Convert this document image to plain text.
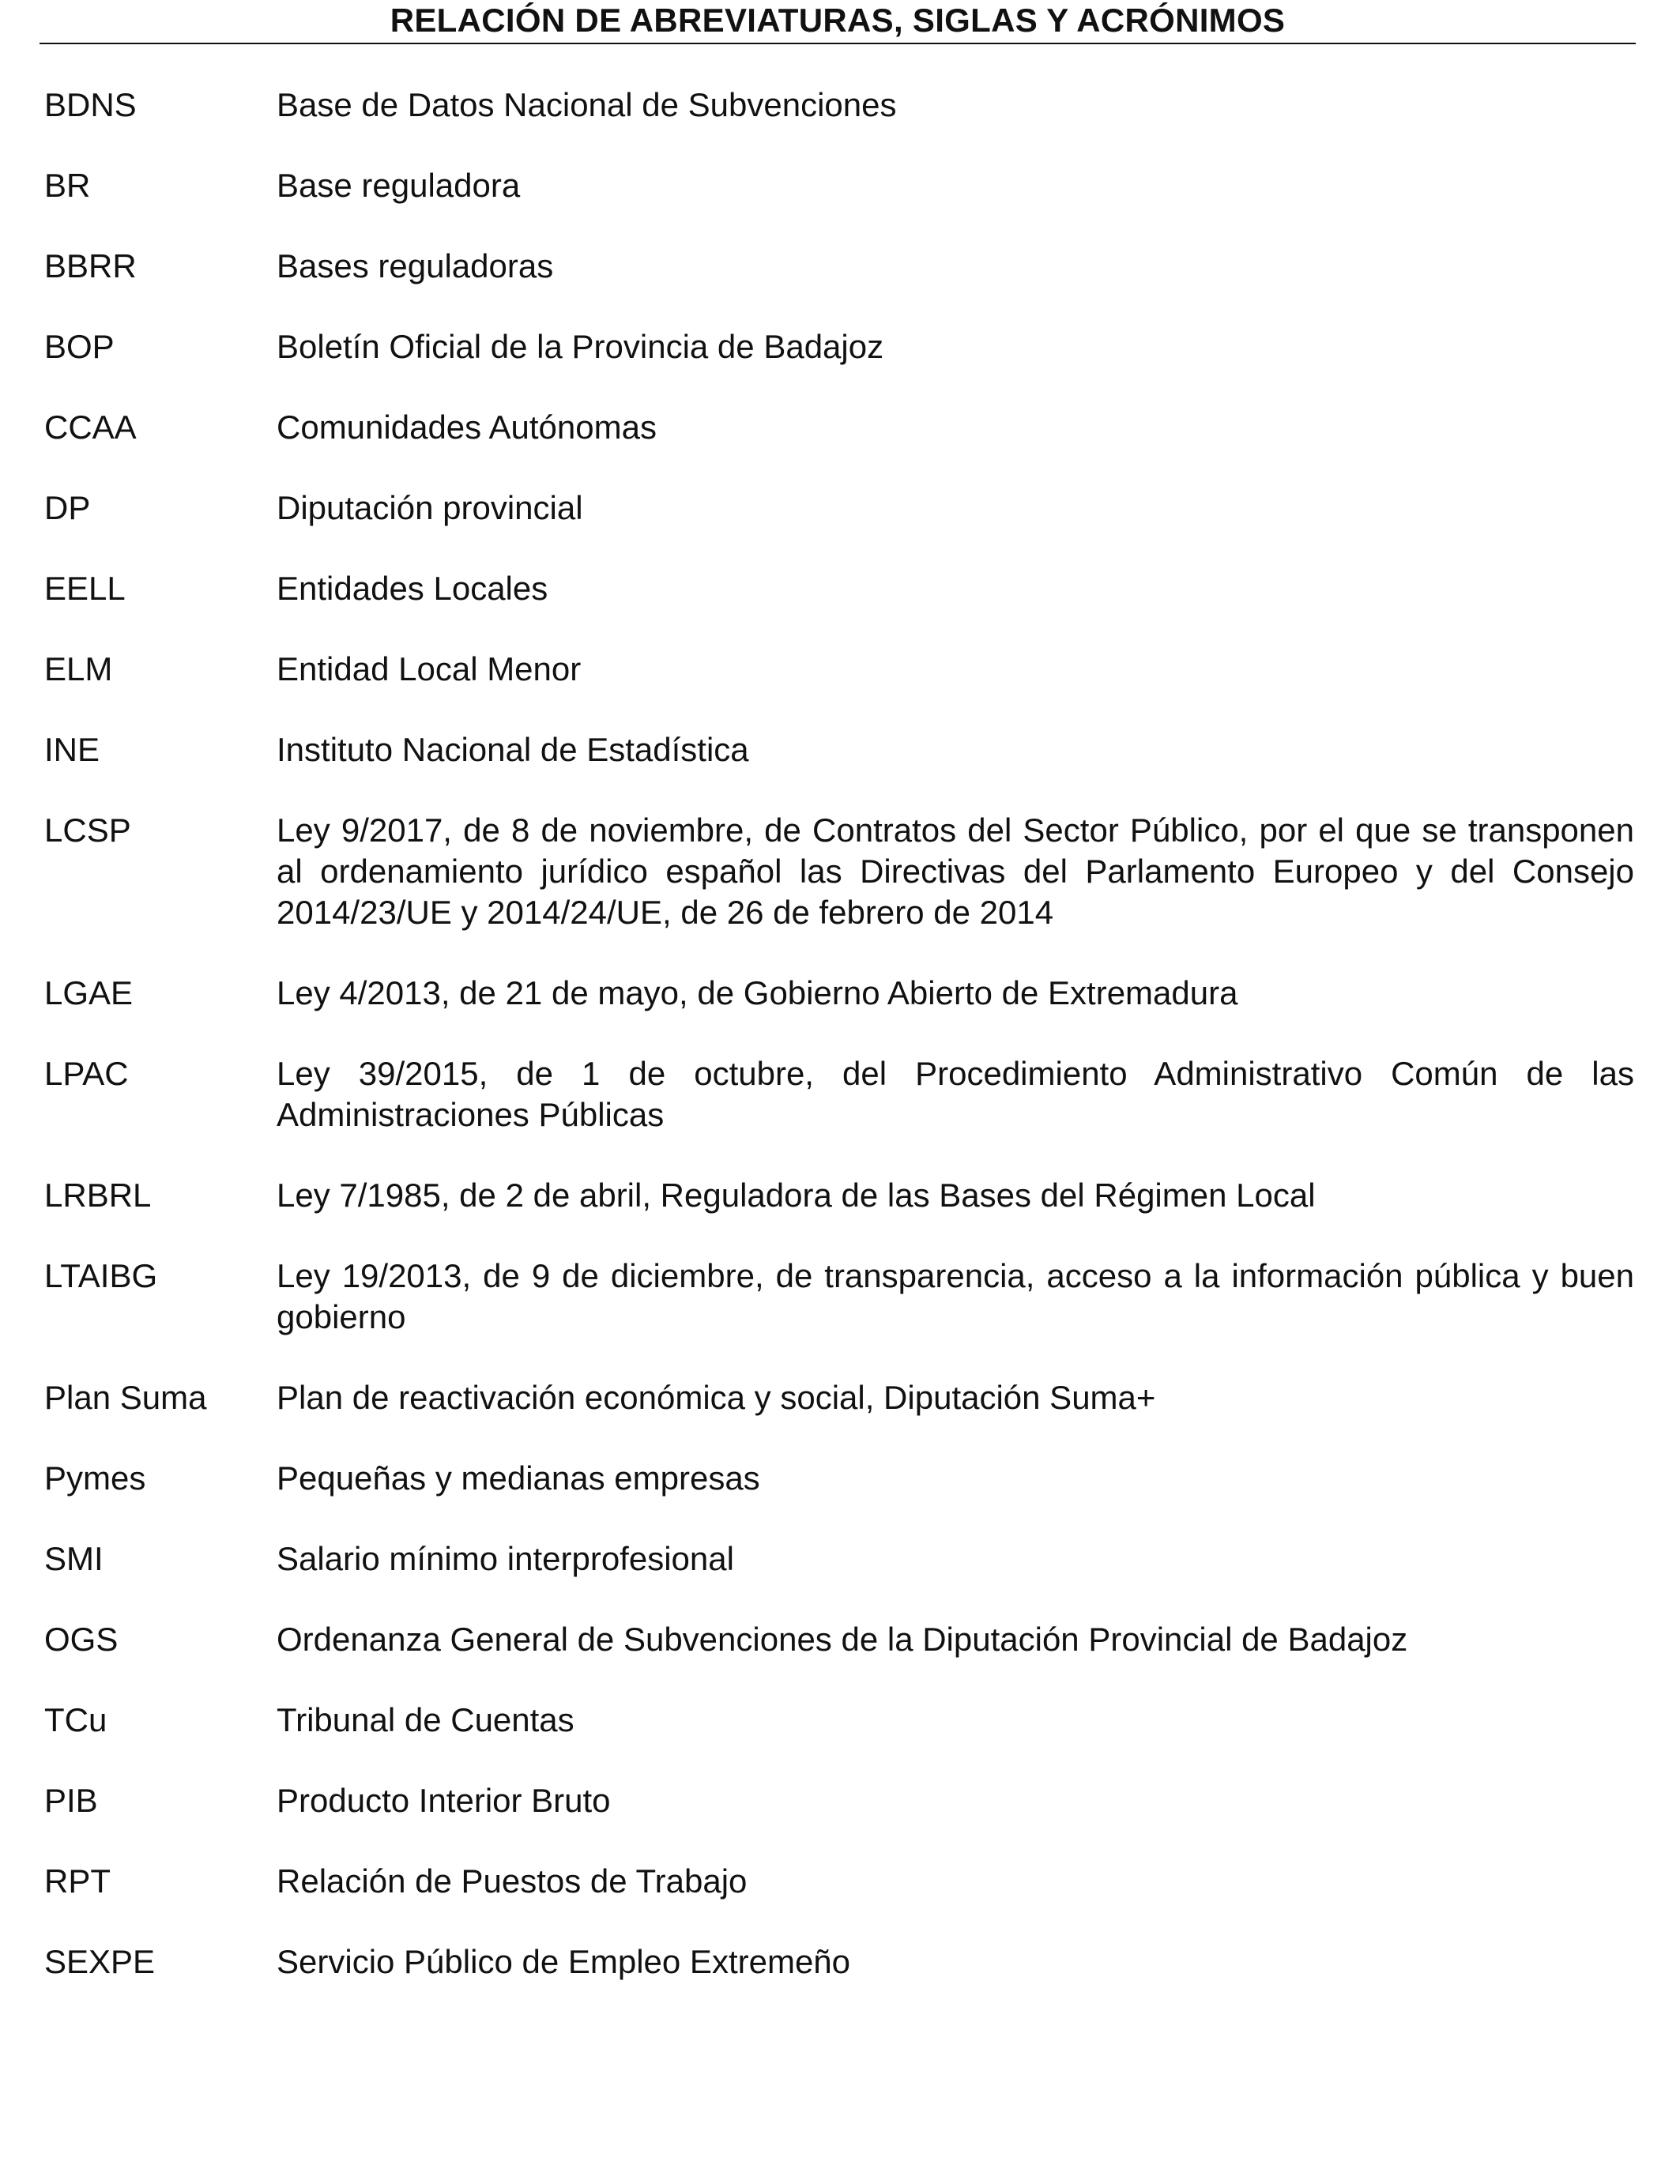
RELACIÓN DE ABREVIATURAS, SIGLAS Y ACRÓNIMOS
BDNS	Base de Datos Nacional de Subvenciones
BR	Base reguladora
BBRR	Bases reguladoras
BOP	Boletín Oficial de la Provincia de Badajoz
CCAA	Comunidades Autónomas
DP	Diputación provincial
EELL	Entidades Locales
ELM	Entidad Local Menor
INE	Instituto Nacional de Estadística
LCSP	Ley 9/2017, de 8 de noviembre, de Contratos del Sector Público, por el que se transponen al ordenamiento jurídico español las Directivas del Parlamento Europeo y del Consejo 2014/23/UE y 2014/24/UE, de 26 de febrero de 2014
LGAE	Ley 4/2013, de 21 de mayo, de Gobierno Abierto de Extremadura
LPAC	Ley 39/2015, de 1 de octubre, del Procedimiento Administrativo Común de las Administraciones Públicas
LRBRL	Ley 7/1985, de 2 de abril, Reguladora de las Bases del Régimen Local
LTAIBG	Ley 19/2013, de 9 de diciembre, de transparencia, acceso a la información pública y buen gobierno
Plan Suma	Plan de reactivación económica y social, Diputación Suma+
Pymes	Pequeñas y medianas empresas
SMI	Salario mínimo interprofesional
OGS	Ordenanza General de Subvenciones de la Diputación Provincial de Badajoz
TCu	Tribunal de Cuentas
PIB	Producto Interior Bruto
RPT	Relación de Puestos de Trabajo
SEXPE	Servicio Público de Empleo Extremeño
